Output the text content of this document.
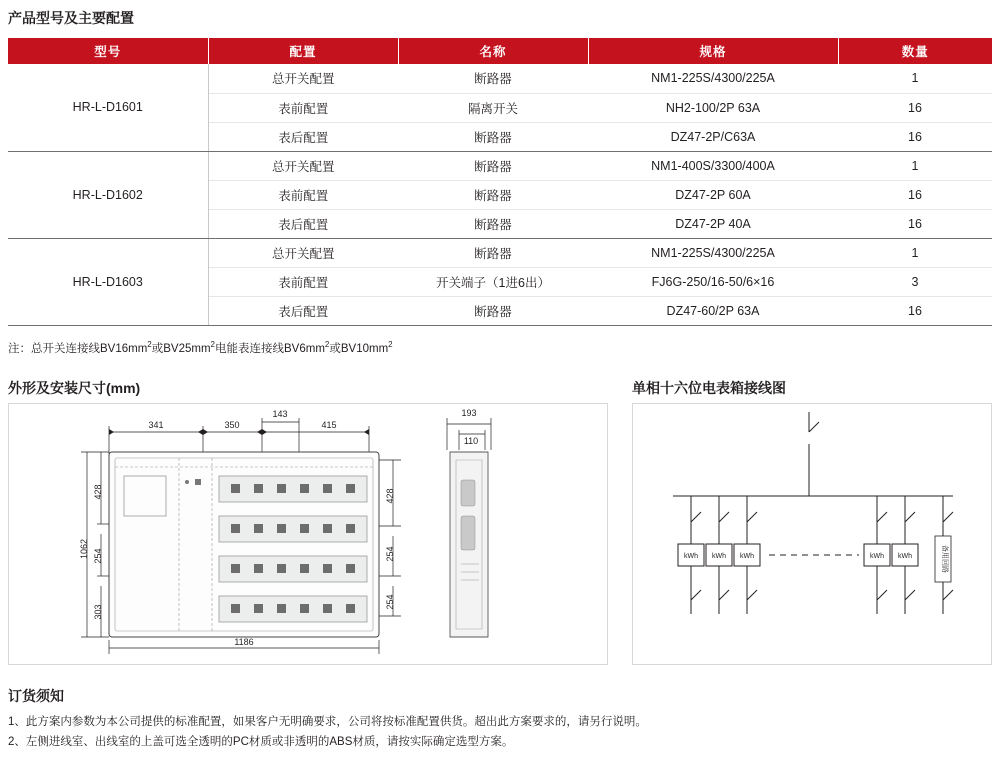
产品型号及主要配置
型号	配置	名称	规格	数量
HR-L-D1601	总开关配置	断路器	NM1-225S/4300/225A	1
	表前配置	隔离开关	NH2-100/2P 63A	16
	表后配置	断路器	DZ47-2P/C63A	16
HR-L-D1602	总开关配置	断路器	NM1-400S/3300/400A	1
	表前配置	断路器	DZ47-2P 60A	16
	表后配置	断路器	DZ47-2P 40A	16
HR-L-D1603	总开关配置	断路器	NM1-225S/4300/225A	1
	表前配置	开关端子（1进6出）	FJ6G-250/16-50/6×16	3
	表后配置	断路器	DZ47-60/2P 63A	16
注：总开关连接线$BV16mm^2$或$BV25mm^2$电能表连接线$BV6mm^2$或$BV10mm^2$
外形及安装尺寸(mm)	单相十六位电表箱接线图
341	350
143
415
428
1062 254
303
428
254
254
1186
193
110
kWh kWh kWh	kWh kWh	备用回路
订货须知
1、此方案内参数为本公司提供的标准配置，如果客户无明确要求，公司将按标准配置供货。超出此方案要求的，请另行说明。
2、左侧进线室、出线室的上盖可选全透明的PC材质或非透明的ABS材质，请按实际确定选型方案。
